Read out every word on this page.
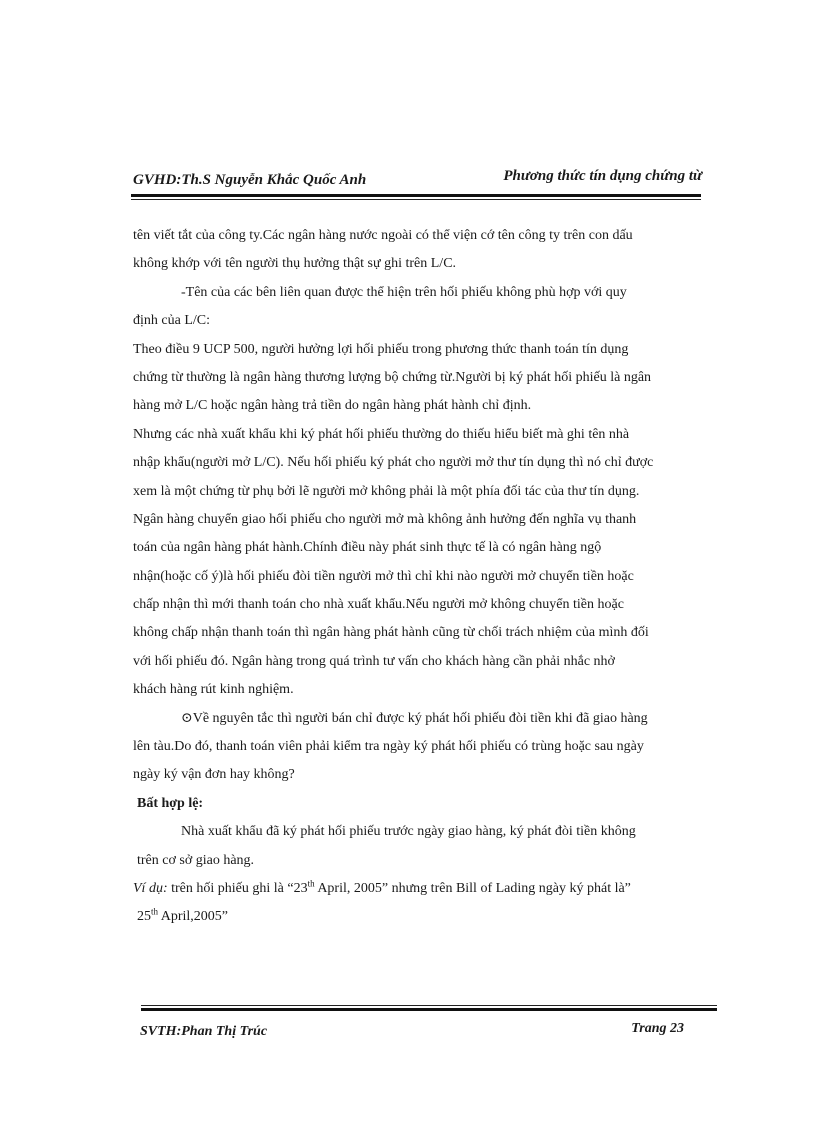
GVHD:Th.S Nguyễn Khắc Quốc Anh	Phương thức tín dụng chứng từ
tên viết tắt của công ty.Các ngân hàng nước ngoài có thể viện cớ tên công ty trên con dấu
không khớp với tên người thụ hưởng thật sự ghi trên L/C.
-Tên của các bên liên quan được thể hiện trên hối phiếu không phù hợp với quy
định của L/C:
Theo điều 9 UCP 500, người hưởng lợi hối phiếu trong phương thức thanh toán tín dụng
chứng từ thường là ngân hàng thương lượng bộ chứng từ.Người bị ký phát hối phiếu là ngân
hàng mở L/C hoặc ngân hàng trả tiền do ngân hàng phát hành chỉ định.
Nhưng các nhà xuất khẩu khi ký phát hối phiếu thường do thiếu hiểu biết mà ghi tên nhà
nhập khẩu(người mở L/C). Nếu hối phiếu ký phát cho người mở thư tín dụng thì nó chỉ được
xem là một chứng từ phụ bởi lẽ người mở không phải là một phía đối tác của thư tín dụng.
Ngân hàng chuyển giao hối phiếu cho người mở mà không ảnh hưởng đến nghĩa vụ thanh
toán của ngân hàng phát hành.Chính điều này phát sinh thực tế là có ngân hàng ngộ
nhận(hoặc cố ý)là hối phiếu đòi tiền người mở thì chỉ khi nào người mở chuyển tiền hoặc
chấp nhận thì mới thanh toán cho nhà xuất khẩu.Nếu người mở không chuyển tiền hoặc
không chấp nhận thanh toán thì ngân hàng phát hành cũng từ chối trách nhiệm của mình đối
với hối phiếu đó. Ngân hàng trong quá trình tư vấn cho khách hàng cần phải nhắc nhở
khách hàng rút kinh nghiệm.
⊙Về nguyên tắc thì người bán chỉ được ký phát hối phiếu đòi tiền khi đã giao hàng
lên tàu.Do đó, thanh toán viên phải kiểm tra ngày ký phát hối phiếu có trùng hoặc sau ngày
ngày ký vận đơn hay không?
Bất hợp lệ:
Nhà xuất khẩu đã ký phát hối phiếu trước ngày giao hàng, ký phát đòi tiền không
trên cơ sở giao hàng.
Ví dụ: trên hối phiếu ghi là “23th April, 2005” nhưng trên Bill of Lading ngày ký phát là”
25th April,2005”
SVTH:Phan Thị Trúc	Trang 23
